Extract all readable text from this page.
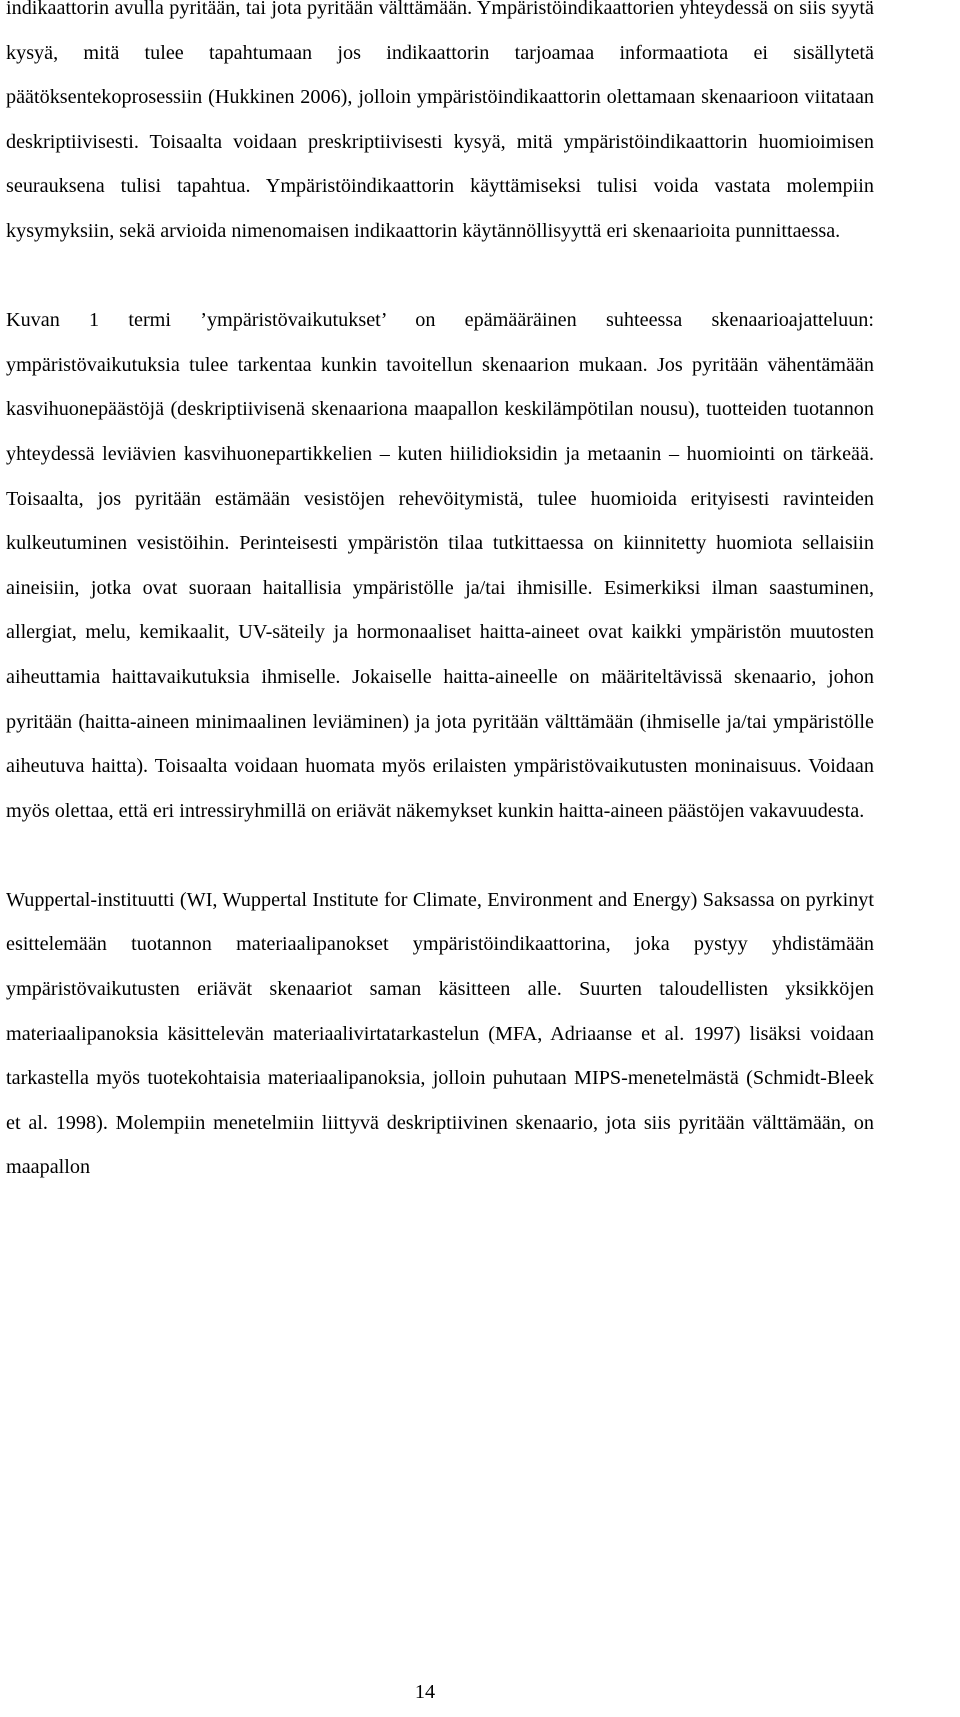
indikaattorin avulla pyritään, tai jota pyritään välttämään. Ympäristöindikaattorien yhteydessä on siis syytä kysyä, mitä tulee tapahtumaan jos indikaattorin tarjoamaa informaatiota ei sisällytetä päätöksentekoprosessiin (Hukkinen 2006), jolloin ympäristöindikaattorin olettamaan skenaarioon viitataan deskriptiivisesti. Toisaalta voidaan preskriptiivisesti kysyä, mitä ympäristöindikaattorin huomioimisen seurauksena tulisi tapahtua. Ympäristöindikaattorin käyttämiseksi tulisi voida vastata molempiin kysymyksiin, sekä arvioida nimenomaisen indikaattorin käytännöllisyyttä eri skenaarioita punnittaessa.

Kuvan 1 termi ’ympäristövaikutukset’ on epämääräinen suhteessa skenaarioajatteluun: ympäristövaikutuksia tulee tarkentaa kunkin tavoitellun skenaarion mukaan. Jos pyritään vähentämään kasvihuonepäästöjä (deskriptiivisenä skenaariona maapallon keskilämpötilan nousu), tuotteiden tuotannon yhteydessä leviävien kasvihuonepartikkelien – kuten hiilidioksidin ja metaanin – huomiointi on tärkeää. Toisaalta, jos pyritään estämään vesistöjen rehevöitymistä, tulee huomioida erityisesti ravinteiden kulkeutuminen vesistöihin. Perinteisesti ympäristön tilaa tutkittaessa on kiinnitetty huomiota sellaisiin aineisiin, jotka ovat suoraan haitallisia ympäristölle ja/tai ihmisille. Esimerkiksi ilman saastuminen, allergiat, melu, kemikaalit, UV-säteily ja hormonaaliset haitta-aineet ovat kaikki ympäristön muutosten aiheuttamia haittavaikutuksia ihmiselle. Jokaiselle haitta-aineelle on määriteltävissä skenaario, johon pyritään (haitta-aineen minimaalinen leviäminen) ja jota pyritään välttämään (ihmiselle ja/tai ympäristölle aiheutuva haitta). Toisaalta voidaan huomata myös erilaisten ympäristövaikutusten moninaisuus. Voidaan myös olettaa, että eri intressiryhmillä on eriävät näkemykset kunkin haitta-aineen päästöjen vakavuudesta.

Wuppertal-instituutti (WI, Wuppertal Institute for Climate, Environment and Energy) Saksassa on pyrkinyt esittelemään tuotannon materiaalipanokset ympäristöindikaattorina, joka pystyy yhdistämään ympäristövaikutusten eriävät skenaariot saman käsitteen alle. Suurten taloudellisten yksikköjen materiaalipanoksia käsittelevän materiaalivirtatarkastelun (MFA, Adriaanse et al. 1997) lisäksi voidaan tarkastella myös tuotekohtaisia materiaalipanoksia, jolloin puhutaan MIPS-menetelmästä (Schmidt-Bleek et al. 1998). Molempiin menetelmiin liittyvä deskriptiivinen skenaario, jota siis pyritään välttämään, on maapallon

14
